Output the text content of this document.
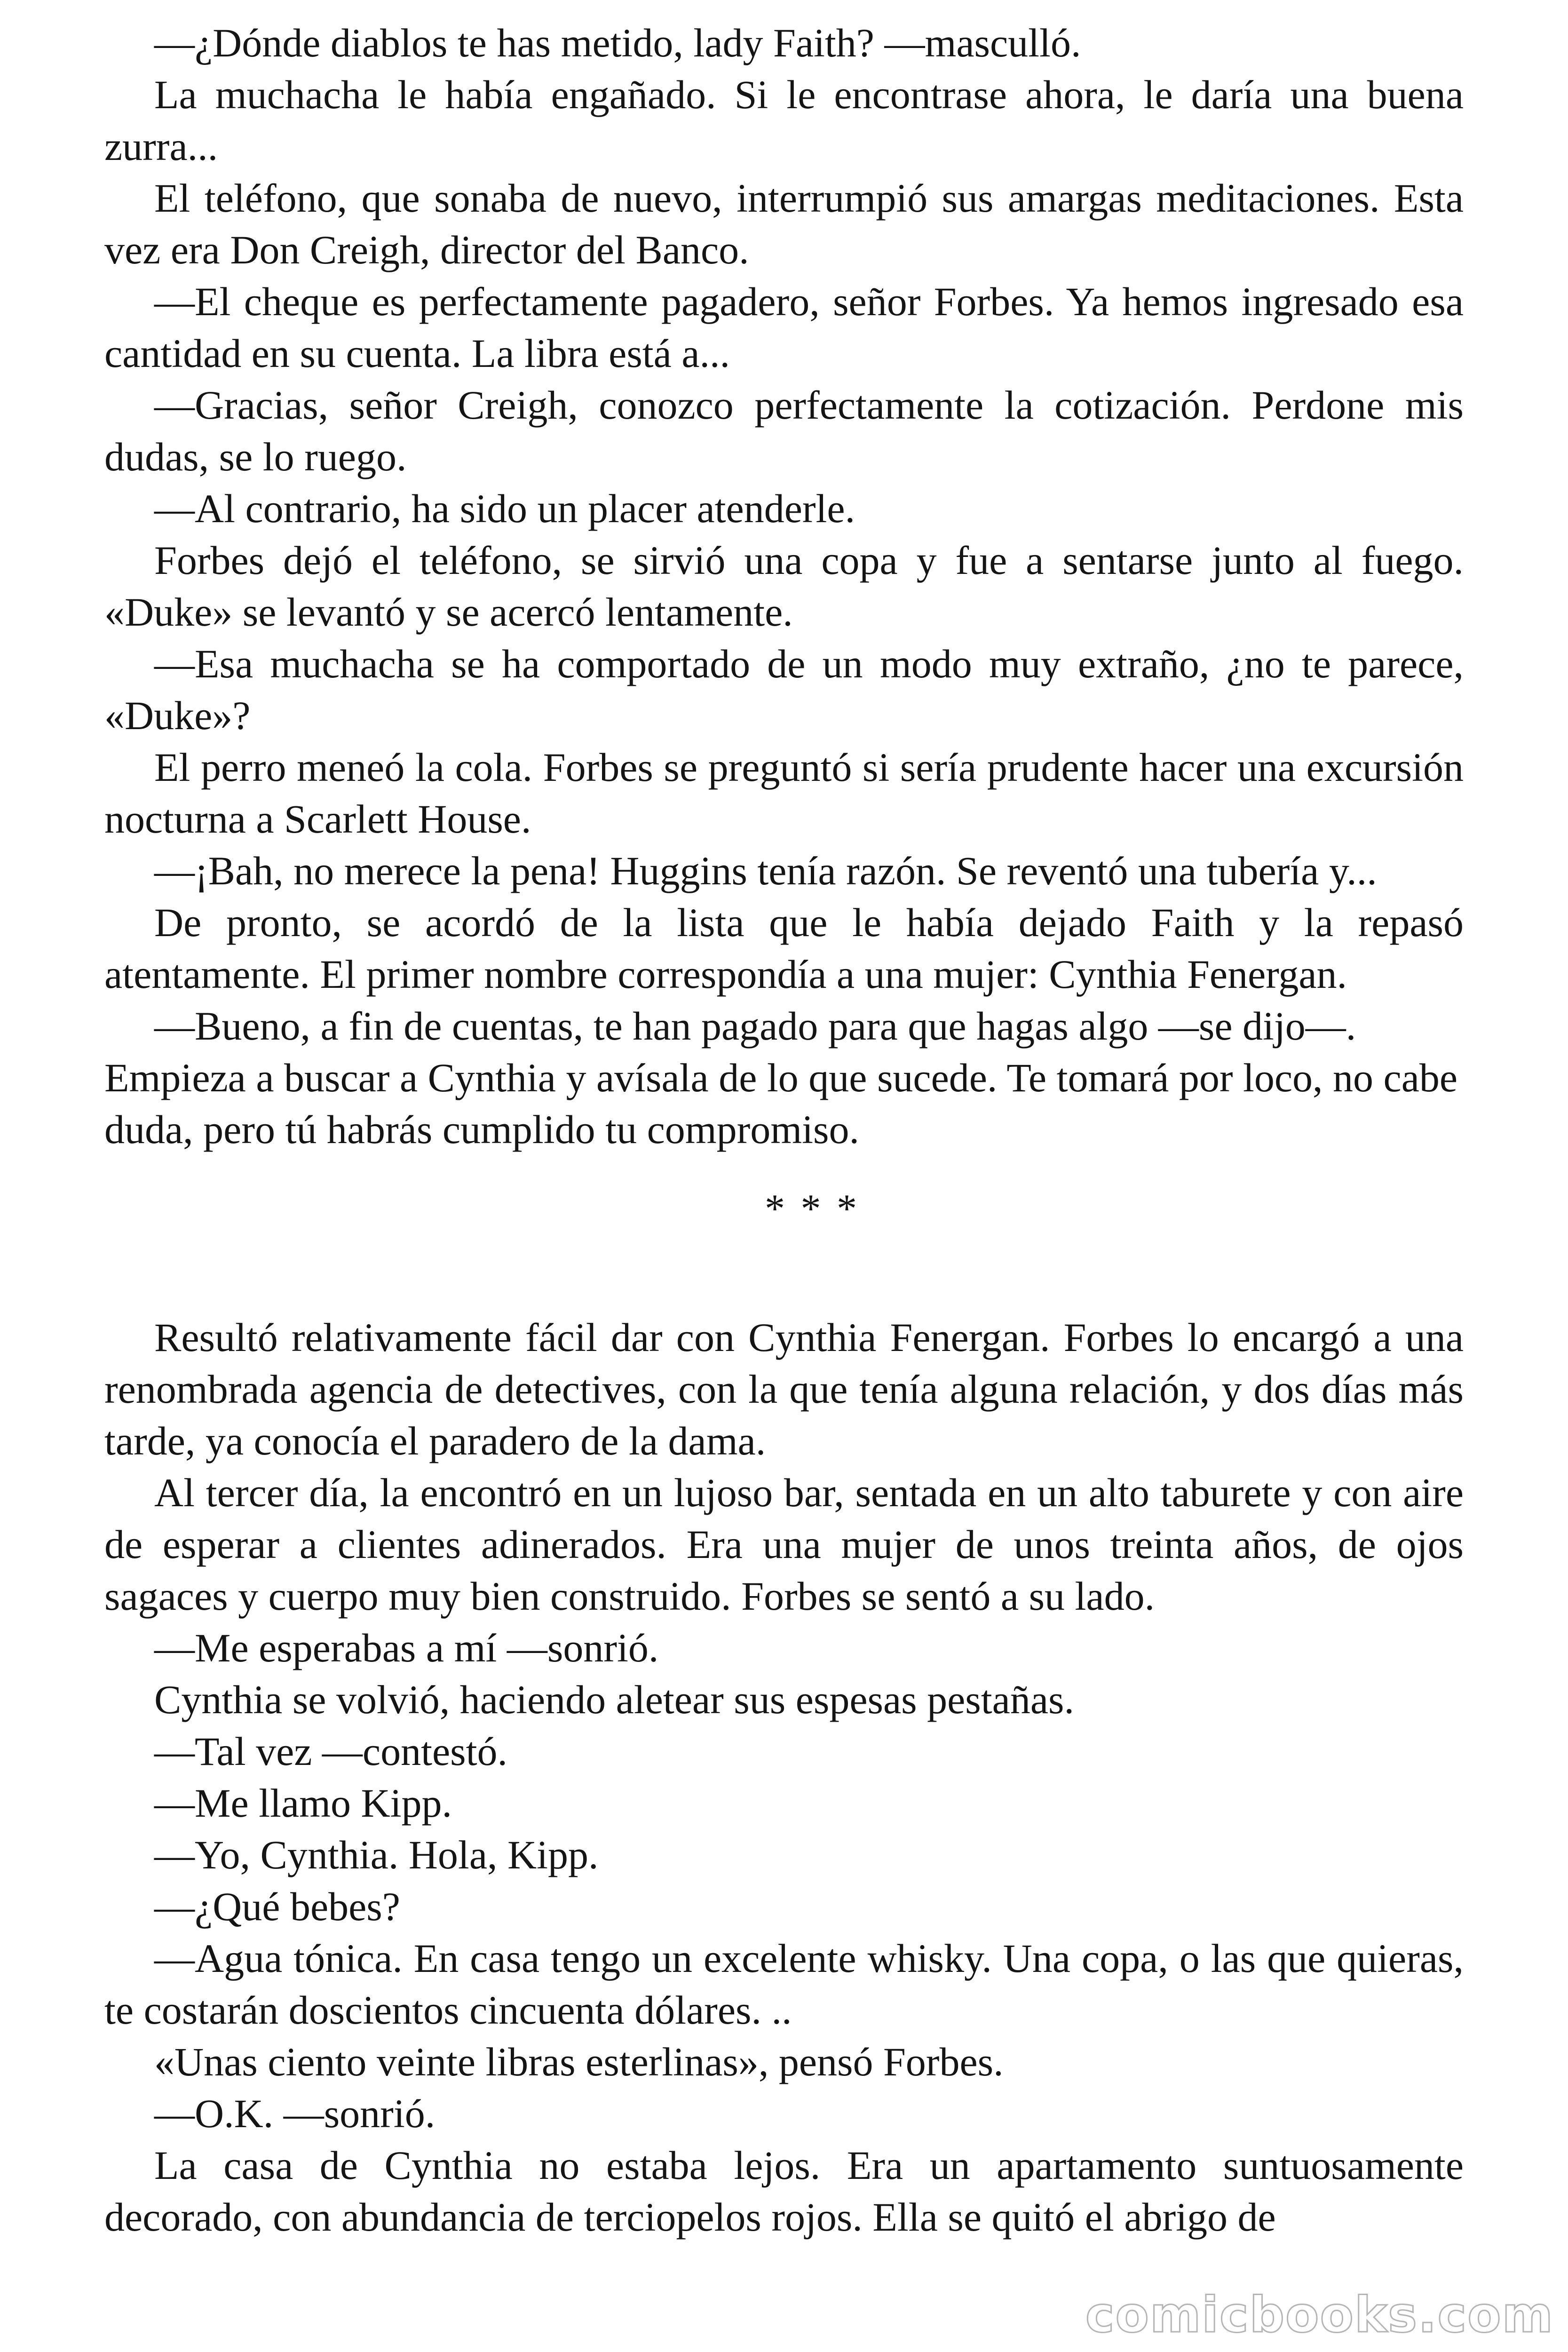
—¿Dónde diablos te has metido, lady Faith? —masculló.

La muchacha le había engañado. Si le encontrase ahora, le daría una buena zurra...

El teléfono, que sonaba de nuevo, interrumpió sus amargas meditaciones. Esta vez era Don Creigh, director del Banco.

—El cheque es perfectamente pagadero, señor Forbes. Ya hemos ingresado esa cantidad en su cuenta. La libra está a...

—Gracias, señor Creigh, conozco perfectamente la cotización. Perdone mis dudas, se lo ruego.

—Al contrario, ha sido un placer atenderle.

Forbes dejó el teléfono, se sirvió una copa y fue a sentarse junto al fuego. «Duke» se levantó y se acercó lentamente.

—Esa muchacha se ha comportado de un modo muy extraño, ¿no te parece, «Duke»?

El perro meneó la cola. Forbes se preguntó si sería prudente hacer una excursión nocturna a Scarlett House.

—¡Bah, no merece la pena! Huggins tenía razón. Se reventó una tubería y...

De pronto, se acordó de la lista que le había dejado Faith y la repasó atentamente. El primer nombre correspondía a una mujer: Cynthia Fenergan.

—Bueno, a fin de cuentas, te han pagado para que hagas algo —se dijo—. Empieza a buscar a Cynthia y avísala de lo que sucede. Te tomará por loco, no cabe duda, pero tú habrás cumplido tu compromiso.

* * *

Resultó relativamente fácil dar con Cynthia Fenergan. Forbes lo encargó a una renombrada agencia de detectives, con la que tenía alguna relación, y dos días más tarde, ya conocía el paradero de la dama.

Al tercer día, la encontró en un lujoso bar, sentada en un alto taburete y con aire de esperar a clientes adinerados. Era una mujer de unos treinta años, de ojos sagaces y cuerpo muy bien construido. Forbes se sentó a su lado.

—Me esperabas a mí —sonrió.

Cynthia se volvió, haciendo aletear sus espesas pestañas.

—Tal vez —contestó.

—Me llamo Kipp.

—Yo, Cynthia. Hola, Kipp.

—¿Qué bebes?

—Agua tónica. En casa tengo un excelente whisky. Una copa, o las que quieras, te costarán doscientos cincuenta dólares. ..

«Unas ciento veinte libras esterlinas», pensó Forbes.

—O.K. —sonrió.

La casa de Cynthia no estaba lejos. Era un apartamento suntuosamente decorado, con abundancia de terciopelos rojos. Ella se quitó el abrigo de

comicbooks.com
